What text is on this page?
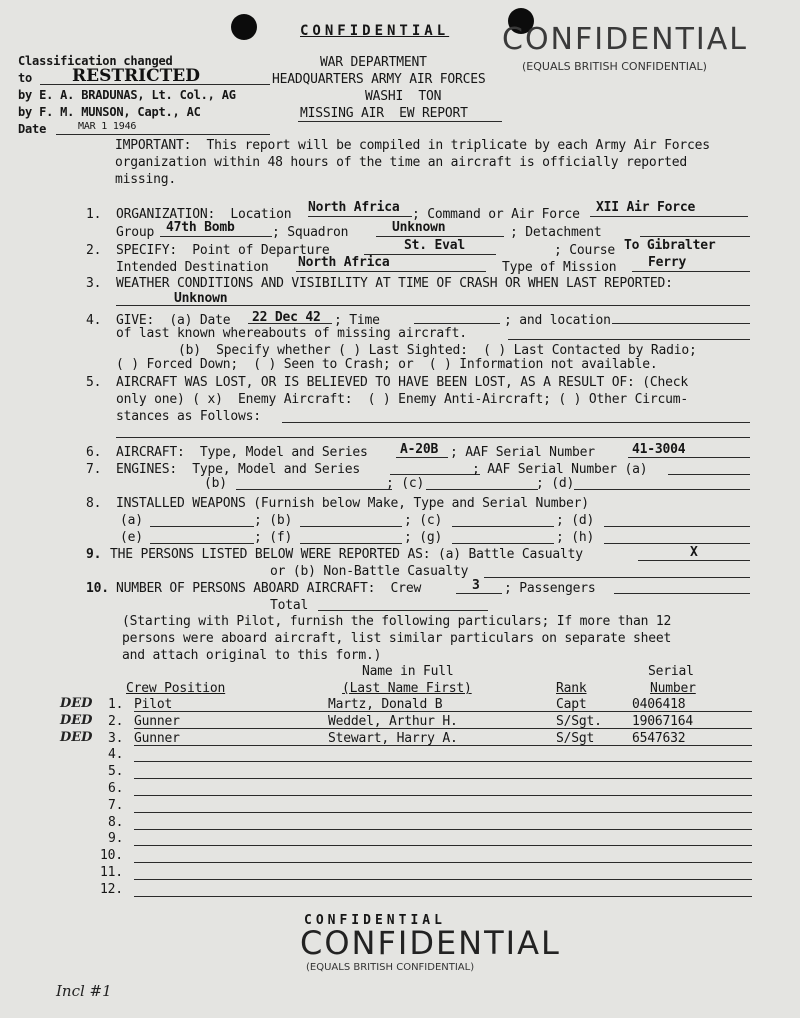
CONFIDENTIAL CONFIDENTIAL
(EQUALS BRITISH CONFIDENTIAL)
WAR DEPARTMENT
HEADQUARTERS ARMY AIR FORCES
WASHI  TON
MISSING AIR  EW REPORT
Classification changed
to RESTRICTED
by E. A. BRADUNAS, Lt. Col., AG
by F. M. MUNSON, Capt., AC
Date	MAR 1 1946
IMPORTANT:  This report will be compiled in triplicate by each Army Air Forces
organization within 48 hours of the time an aircraft is officially reported
missing.
1. ORGANIZATION:  Location North Africa ; Command or Air Force XII Air Force
Group 47th Bomb	; Squadron	Unknown	; Detachment
2. SPECIFY:  Point of Departure	St. Eval	; Course To Gibralter
Intended Destination North Africa	Type of Mission Ferry
3. WEATHER CONDITIONS AND VISIBILITY AT TIME OF CRASH OR WHEN LAST REPORTED:
Unknown
4. GIVE:  (a) Date 22 Dec 42 ; Time	; and location
of last known whereabouts of missing aircraft.
(b)  Specify whether ( ) Last Sighted:  ( ) Last Contacted by Radio;
( ) Forced Down;  ( ) Seen to Crash; or  ( ) Information not available.
5. AIRCRAFT WAS LOST, OR IS BELIEVED TO HAVE BEEN LOST, AS A RESULT OF: (Check
only one) ( x)  Enemy Aircraft:  ( ) Enemy Anti-Aircraft; ( ) Other Circum-
stances as Follows:
6. AIRCRAFT:  Type, Model and Series A-20B ; AAF Serial Number	41-3004
7. ENGINES:  Type, Model and Series	; AAF Serial Number (a)
(b)	; (c)	; (d)
8. INSTALLED WEAPONS (Furnish below Make, Type and Serial Number)
(a)	; (b)	; (c)	; (d)
(e)	; (f)	; (g)	; (h)
9. THE PERSONS LISTED BELOW WERE REPORTED AS: (a) Battle Casualty	X
or (b) Non-Battle Casualty
10. NUMBER OF PERSONS ABOARD AIRCRAFT:  Crew	3 ; Passengers
Total
(Starting with Pilot, furnish the following particulars; If more than 12
persons were aboard aircraft, list similar particulars on separate sheet
and attach original to this form.)
Name in Full	Serial
Crew Position	(Last Name First)	Rank	Number
DED 1. Pilot	Martz, Donald B	Capt	0406418
DED 2. Gunner	Weddel, Arthur H.	S/Sgt. 19067164
DED 3. Gunner	Stewart, Harry A.	S/Sgt	6547632
4.
5.
6.
7.
8.
9.
10.
11.
12.
CONFIDENTIAL
CONFIDENTIAL
(EQUALS BRITISH CONFIDENTIAL)
Incl #1
